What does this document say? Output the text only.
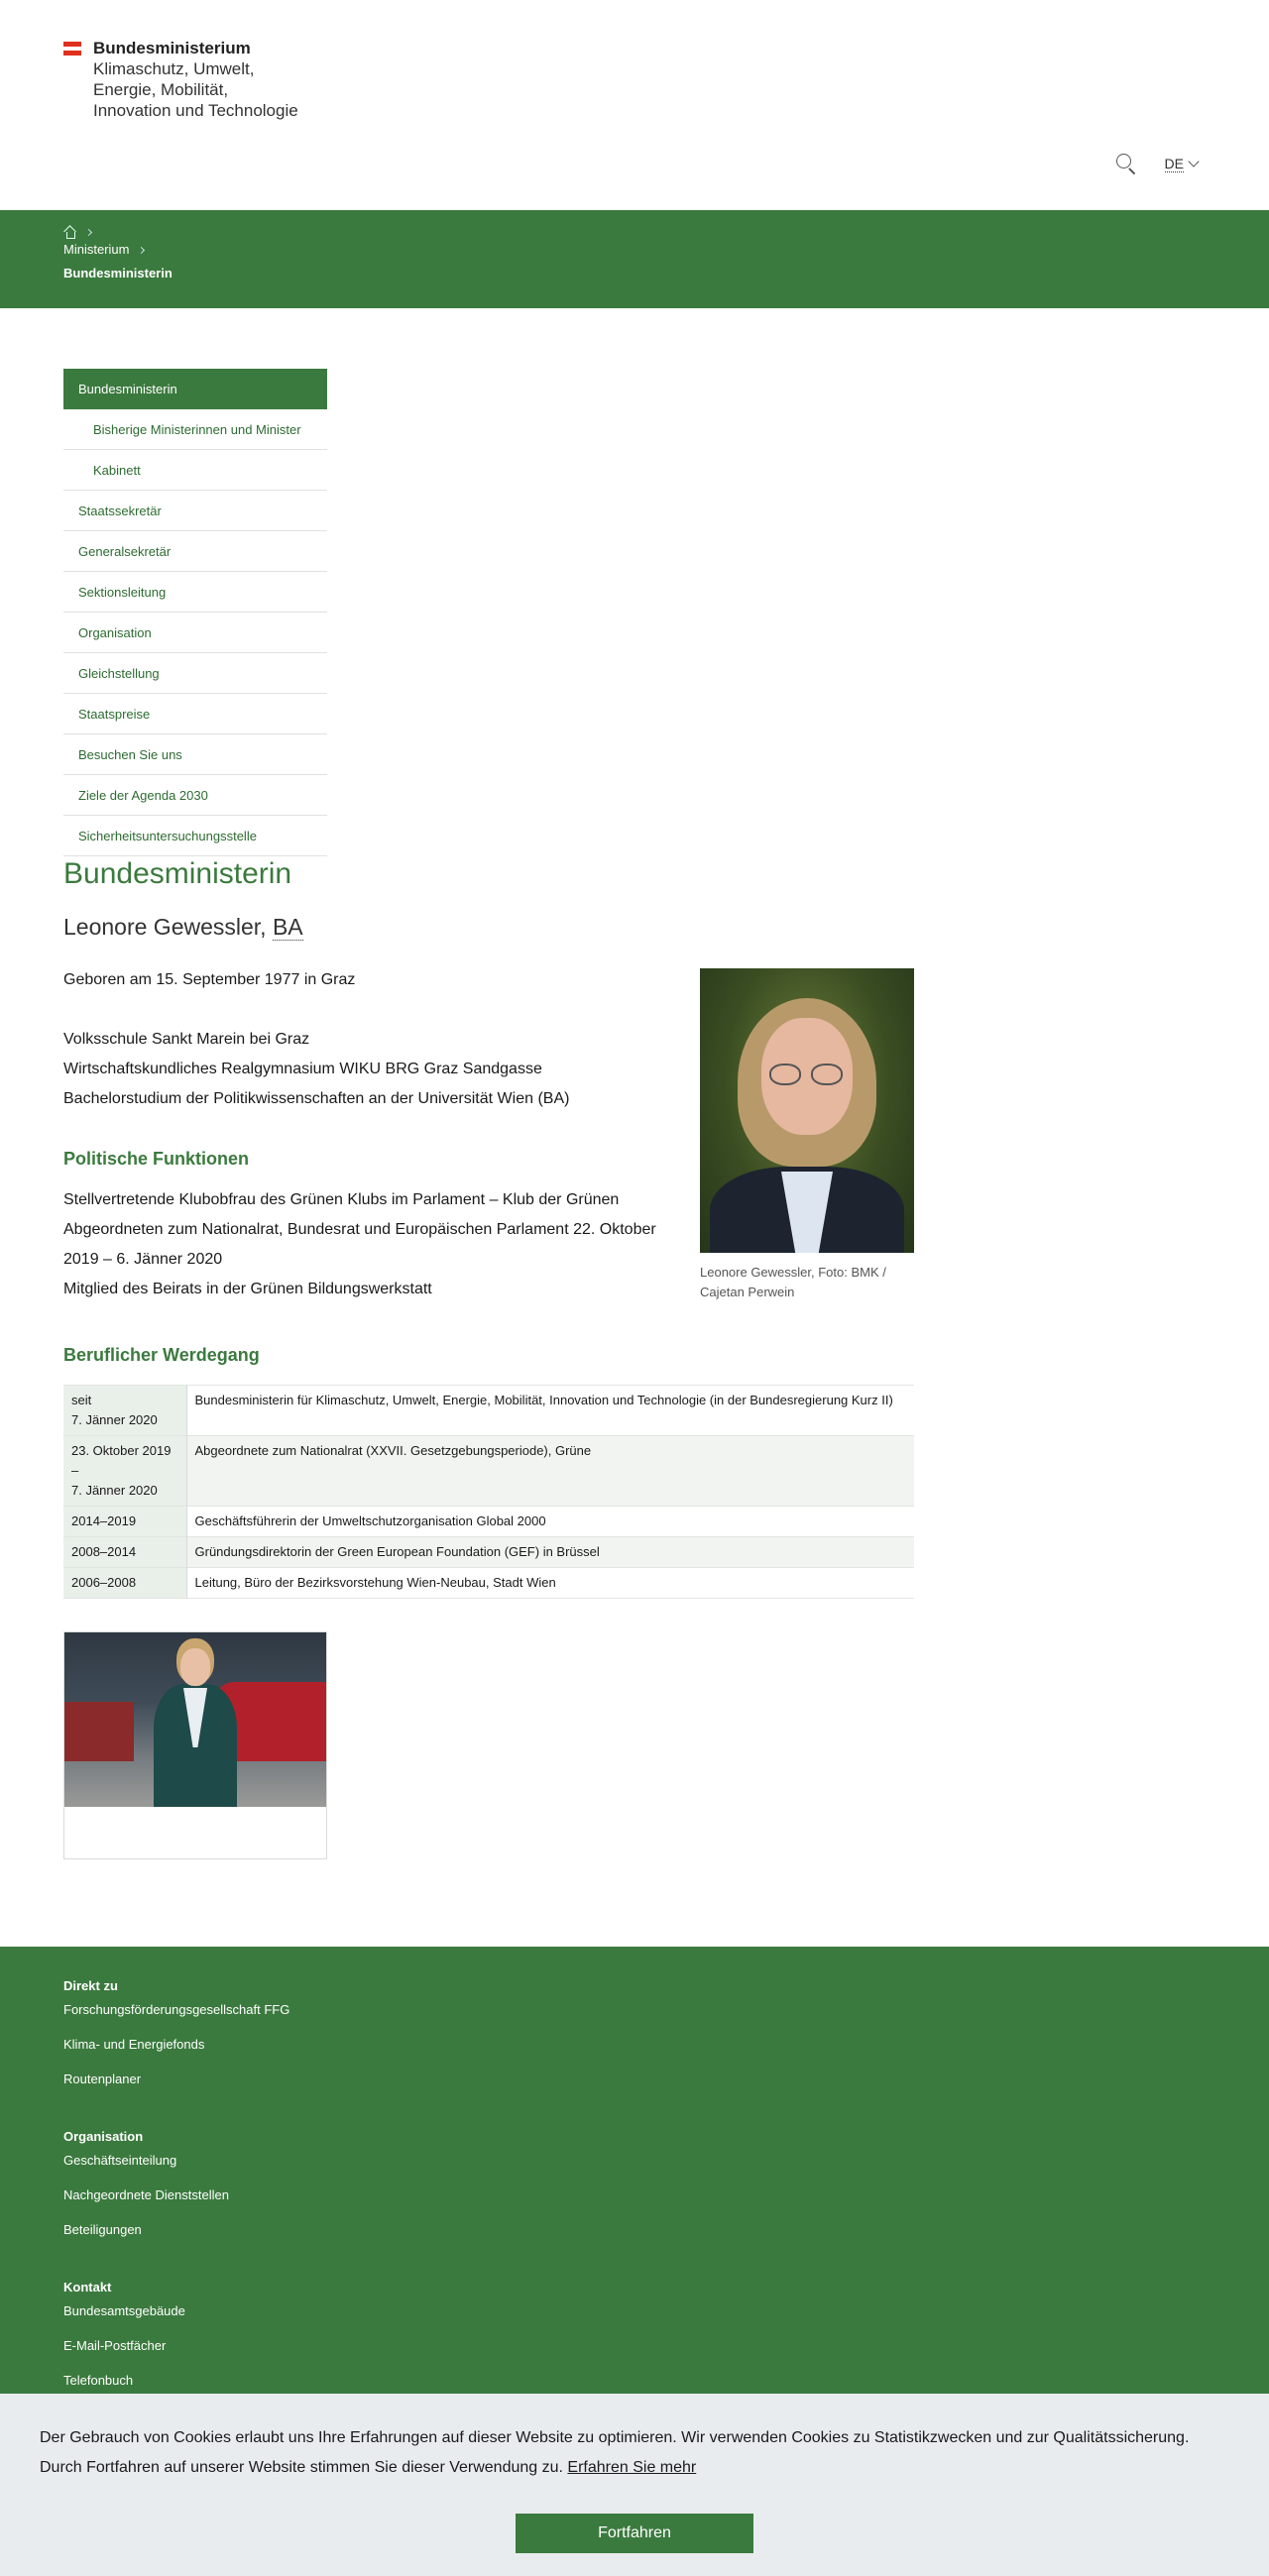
Bundesministerium
Klimaschutz, Umwelt,
Energie, Mobilität,
Innovation und Technologie
DE
Ministerium
Bundesministerin
Bundesministerin
Bisherige Ministerinnen und Minister
Kabinett
Staatssekretär
Generalsekretär
Sektionsleitung
Organisation
Gleichstellung
Staatspreise
Besuchen Sie uns
Ziele der Agenda 2030
Sicherheitsuntersuchungsstelle
Bundesministerin
Leonore Gewessler, BA

Geboren am 15. September 1977 in Graz

Volksschule Sankt Marein bei Graz

Wirtschaftskundliches Realgymnasium WIKU BRG Graz Sandgasse

Bachelorstudium der Politikwissenschaften an der Universität Wien (BA)

Politische Funktionen

Stellvertretende Klubobfrau des Grünen Klubs im Parlament – Klub der Grünen

Abgeordneten zum Nationalrat, Bundesrat und Europäischen Parlament 22. Oktober 2019 – 6. Jänner 2020

Mitglied des Beirats in der Grünen Bildungswerkstatt

Leonore Gewessler, Foto: BMK / Cajetan Perwein
Beruflicher Werdegang
seit
7. Jänner 2020	Bundesministerin für Klimaschutz, Umwelt, Energie, Mobilität, Innovation und Technologie (in der Bundesregierung Kurz II)
23. Oktober 2019
–
7. Jänner 2020	Abgeordnete zum Nationalrat (XXVII. Gesetzgebungsperiode), Grüne
2014–2019	Geschäftsführerin der Umweltschutzorganisation Global 2000
2008–2014	Gründungsdirektorin der Green European Foundation (GEF) in Brüssel
2006–2008	Leitung, Büro der Bezirksvorstehung Wien-Neubau, Stadt Wien
Direkt zu
Forschungsförderungsgesellschaft FFG
Klima- und Energiefonds
Routenplaner
Organisation
Geschäftseinteilung
Nachgeordnete Dienststellen
Beteiligungen
Kontakt
Bundesamtsgebäude
E-Mail-Postfächer
Telefonbuch

Der Gebrauch von Cookies erlaubt uns Ihre Erfahrungen auf dieser Website zu optimieren. Wir verwenden Cookies zu Statistikzwecken und zur Qualitätssicherung. Durch Fortfahren auf unserer Website stimmen Sie dieser Verwendung zu. Erfahren Sie mehr

Fortfahren
